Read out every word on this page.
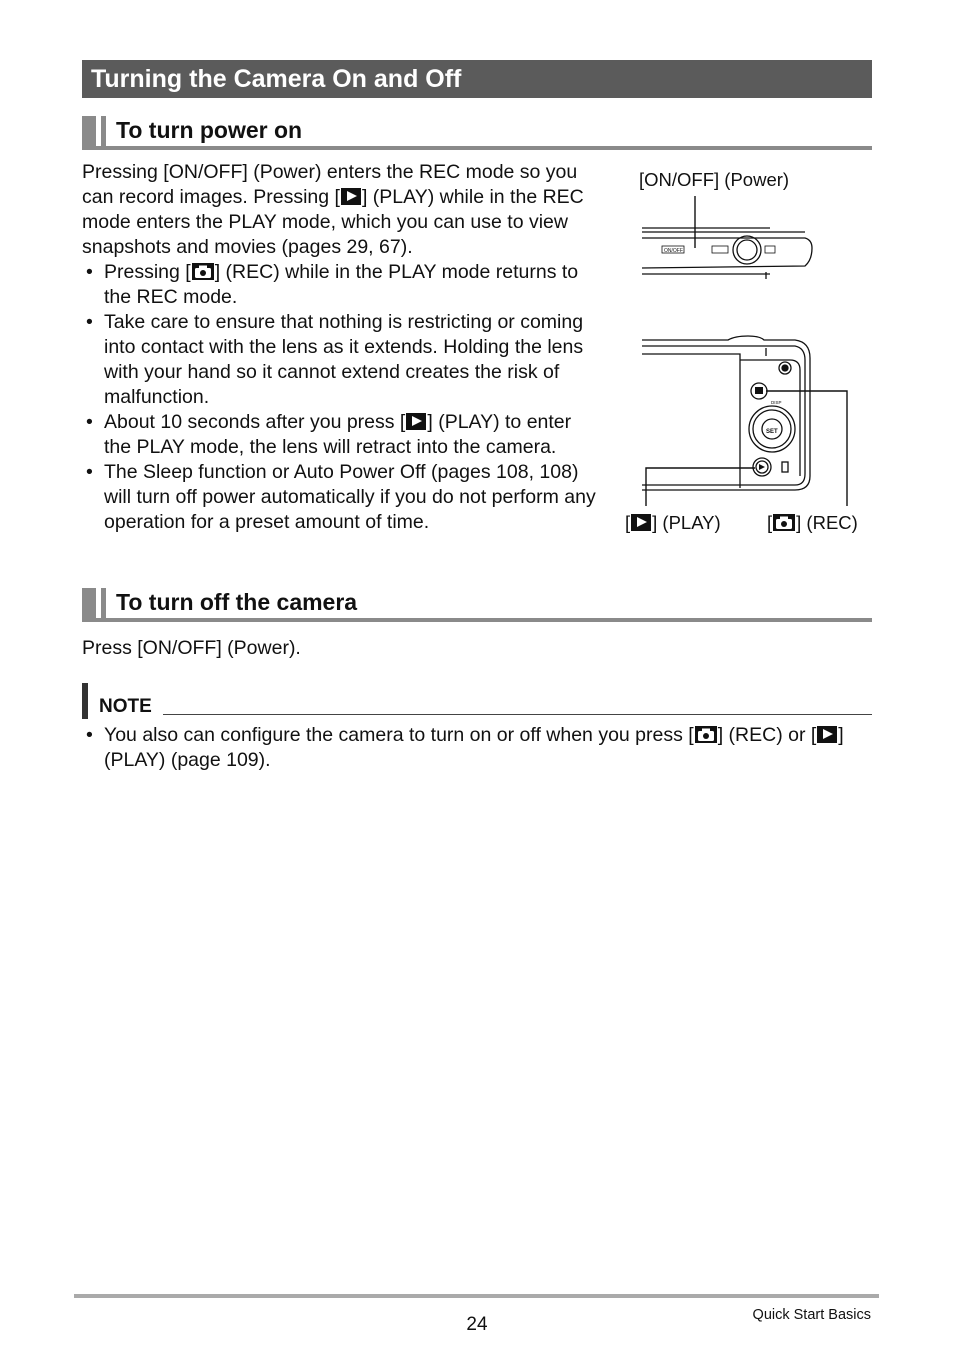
Turning the Camera On and Off
To turn power on
Pressing [ON/OFF] (Power) enters the REC mode so you can record images. Pressing [ ] (PLAY) while in the REC mode enters the PLAY mode, which you can use to view snapshots and movies (pages 29, 67).
• Pressing [ ] (REC) while in the PLAY mode returns to the REC mode.
• Take care to ensure that nothing is restricting or coming into contact with the lens as it extends. Holding the lens with your hand so it cannot extend creates the risk of malfunction.
• About 10 seconds after you press [ ] (PLAY) to enter the PLAY mode, the lens will retract into the camera.
• The Sleep function or Auto Power Off (pages 108, 108) will turn off power automatically if you do not perform any operation for a preset amount of time.
[ON/OFF] (Power)
[ ] (PLAY)	[ ] (REC)
ON/OFF
SET
DISP
To turn off the camera
Press [ON/OFF] (Power).
NOTE
• You also can configure the camera to turn on or off when you press [ ] (REC) or [ ] (PLAY) (page 109).
24	Quick Start Basics
